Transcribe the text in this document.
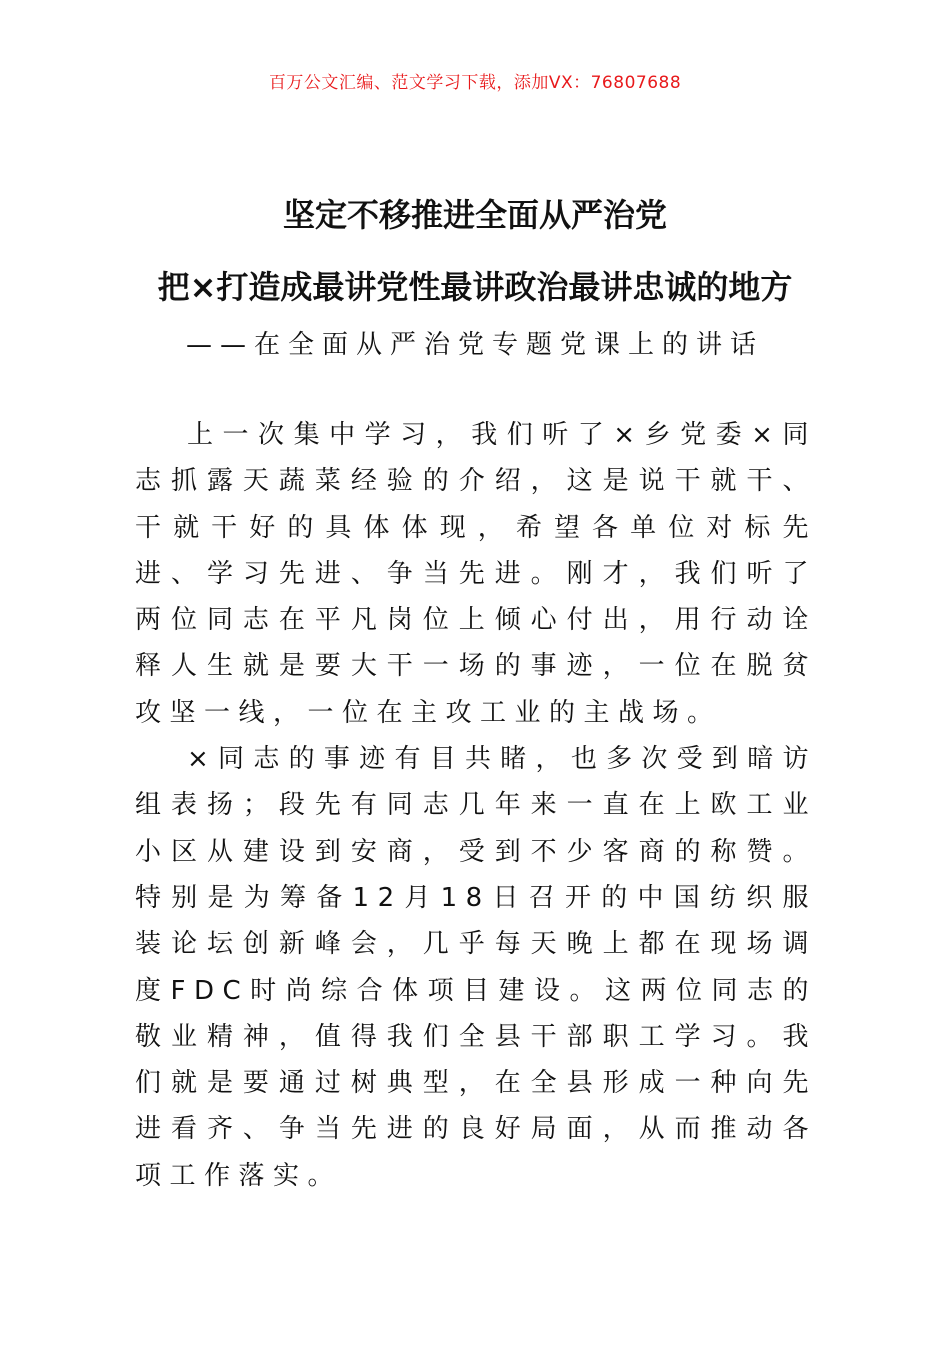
百万公文汇编、范文学习下载，添加VX：76807688
坚定不移推进全面从严治党
把×打造成最讲党性最讲政治最讲忠诚的地方
——在全面从严治党专题党课上的讲话

上一次集中学习，我们听了×乡党委×同志抓露天蔬菜经验的介绍，这是说干就干、干就干好的具体体现，希望各单位对标先进、学习先进、争当先进。刚才，我们听了两位同志在平凡岗位上倾心付出，用行动诠释人生就是要大干一场的事迹，一位在脱贫攻坚一线，一位在主攻工业的主战场。

×同志的事迹有目共睹，也多次受到暗访组表扬；段先有同志几年来一直在上欧工业小区从建设到安商，受到不少客商的称赞。特别是为筹备12月18日召开的中国纺织服装论坛创新峰会，几乎每天晚上都在现场调度FDC时尚综合体项目建设。这两位同志的敬业精神，值得我们全县干部职工学习。我们就是要通过树典型，在全县形成一种向先进看齐、争当先进的良好局面，从而推动各项工作落实。
